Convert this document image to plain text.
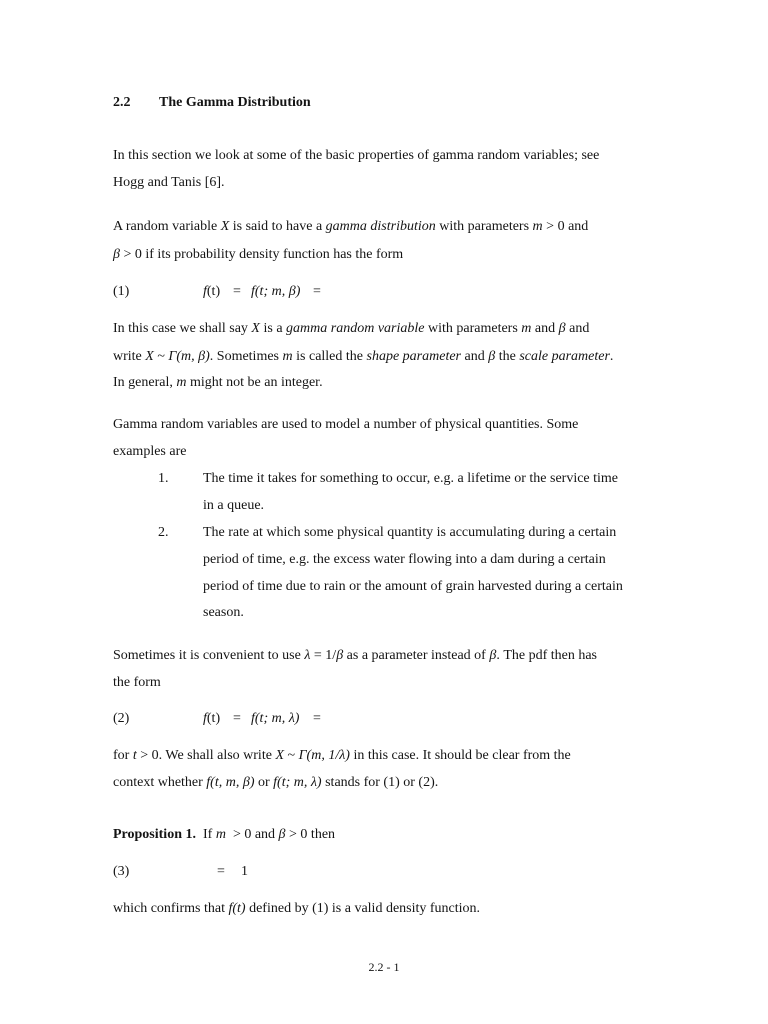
2.2 The Gamma Distribution
In this section we look at some of the basic properties of gamma random variables; see
Hogg and Tanis [6].
A random variable X is said to have a gamma distribution with parameters m > 0 and
β > 0 if its probability density function has the form
(1)	f(t) = f(t; m, β) =
In this case we shall say X is a gamma random variable with parameters m and β and
write X ~ Γ(m, β). Sometimes m is called the shape parameter and β the scale parameter.
In general, m might not be an integer.
Gamma random variables are used to model a number of physical quantities. Some
examples are
1. The time it takes for something to occur, e.g. a lifetime or the service time
in a queue.
2. The rate at which some physical quantity is accumulating during a certain
period of time, e.g. the excess water flowing into a dam during a certain
period of time due to rain or the amount of grain harvested during a certain
season.
Sometimes it is convenient to use λ = 1/β as a parameter instead of β. The pdf then has
the form
(2)	f(t) = f(t; m, λ) =
for t > 0. We shall also write X ~ Γ(m, 1/λ) in this case. It should be clear from the
context whether f(t, m, β) or f(t; m, λ) stands for (1) or (2).
Proposition 1.  If m  > 0 and β > 0 then
(3)	= 1
which confirms that f(t) defined by (1) is a valid density function.
2.2 - 1
